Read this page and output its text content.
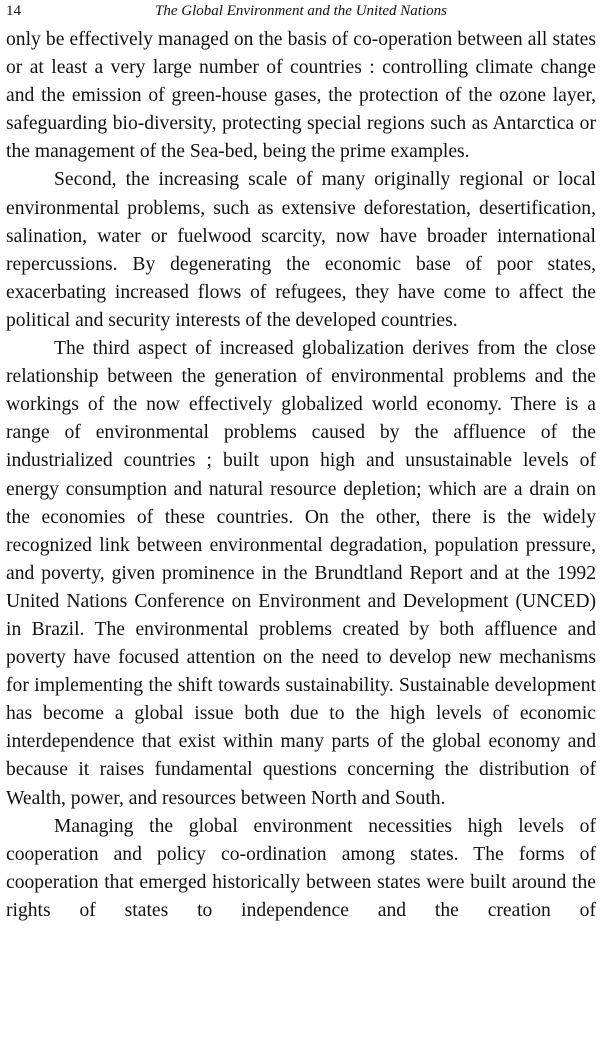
14	The Global Environment and the United Nations

only be effectively managed on the basis of co-operation between all states or at least a very large number of countries : controlling climate change and the emission of green-house gases, the protection of the ozone layer, safeguarding bio-diversity, protecting special regions such as Antarctica or the management of the Sea-bed, being the prime examples.

Second, the increasing scale of many originally regional or local environmental problems, such as extensive deforestation, desertification, salination, water or fuelwood scarcity, now have broader international repercussions. By degenerating the economic base of poor states, exacerbating increased flows of refugees, they have come to affect the political and security interests of the developed countries.

The third aspect of increased globalization derives from the close relationship between the generation of environmental problems and the workings of the now effectively globalized world economy. There is a range of environmental problems caused by the affluence of the industrialized countries ; built upon high and unsustainable levels of energy consumption and natural resource depletion; which are a drain on the economies of these countries. On the other, there is the widely recognized link between environmental degradation, population pressure, and poverty, given prominence in the Brundtland Report and at the 1992 United Nations Conference on Environment and Development (UNCED) in Brazil. The environmental problems created by both affluence and poverty have focused attention on the need to develop new mechanisms for implementing the shift towards sustainability. Sustainable development has become a global issue both due to the high levels of economic interdependence that exist within many parts of the global economy and because it raises fundamental questions concerning the distribution of Wealth, power, and resources between North and South.

Managing the global environment necessities high levels of cooperation and policy co-ordination among states. The forms of cooperation that emerged historically between states were built around the rights of states to independence and the creation of
